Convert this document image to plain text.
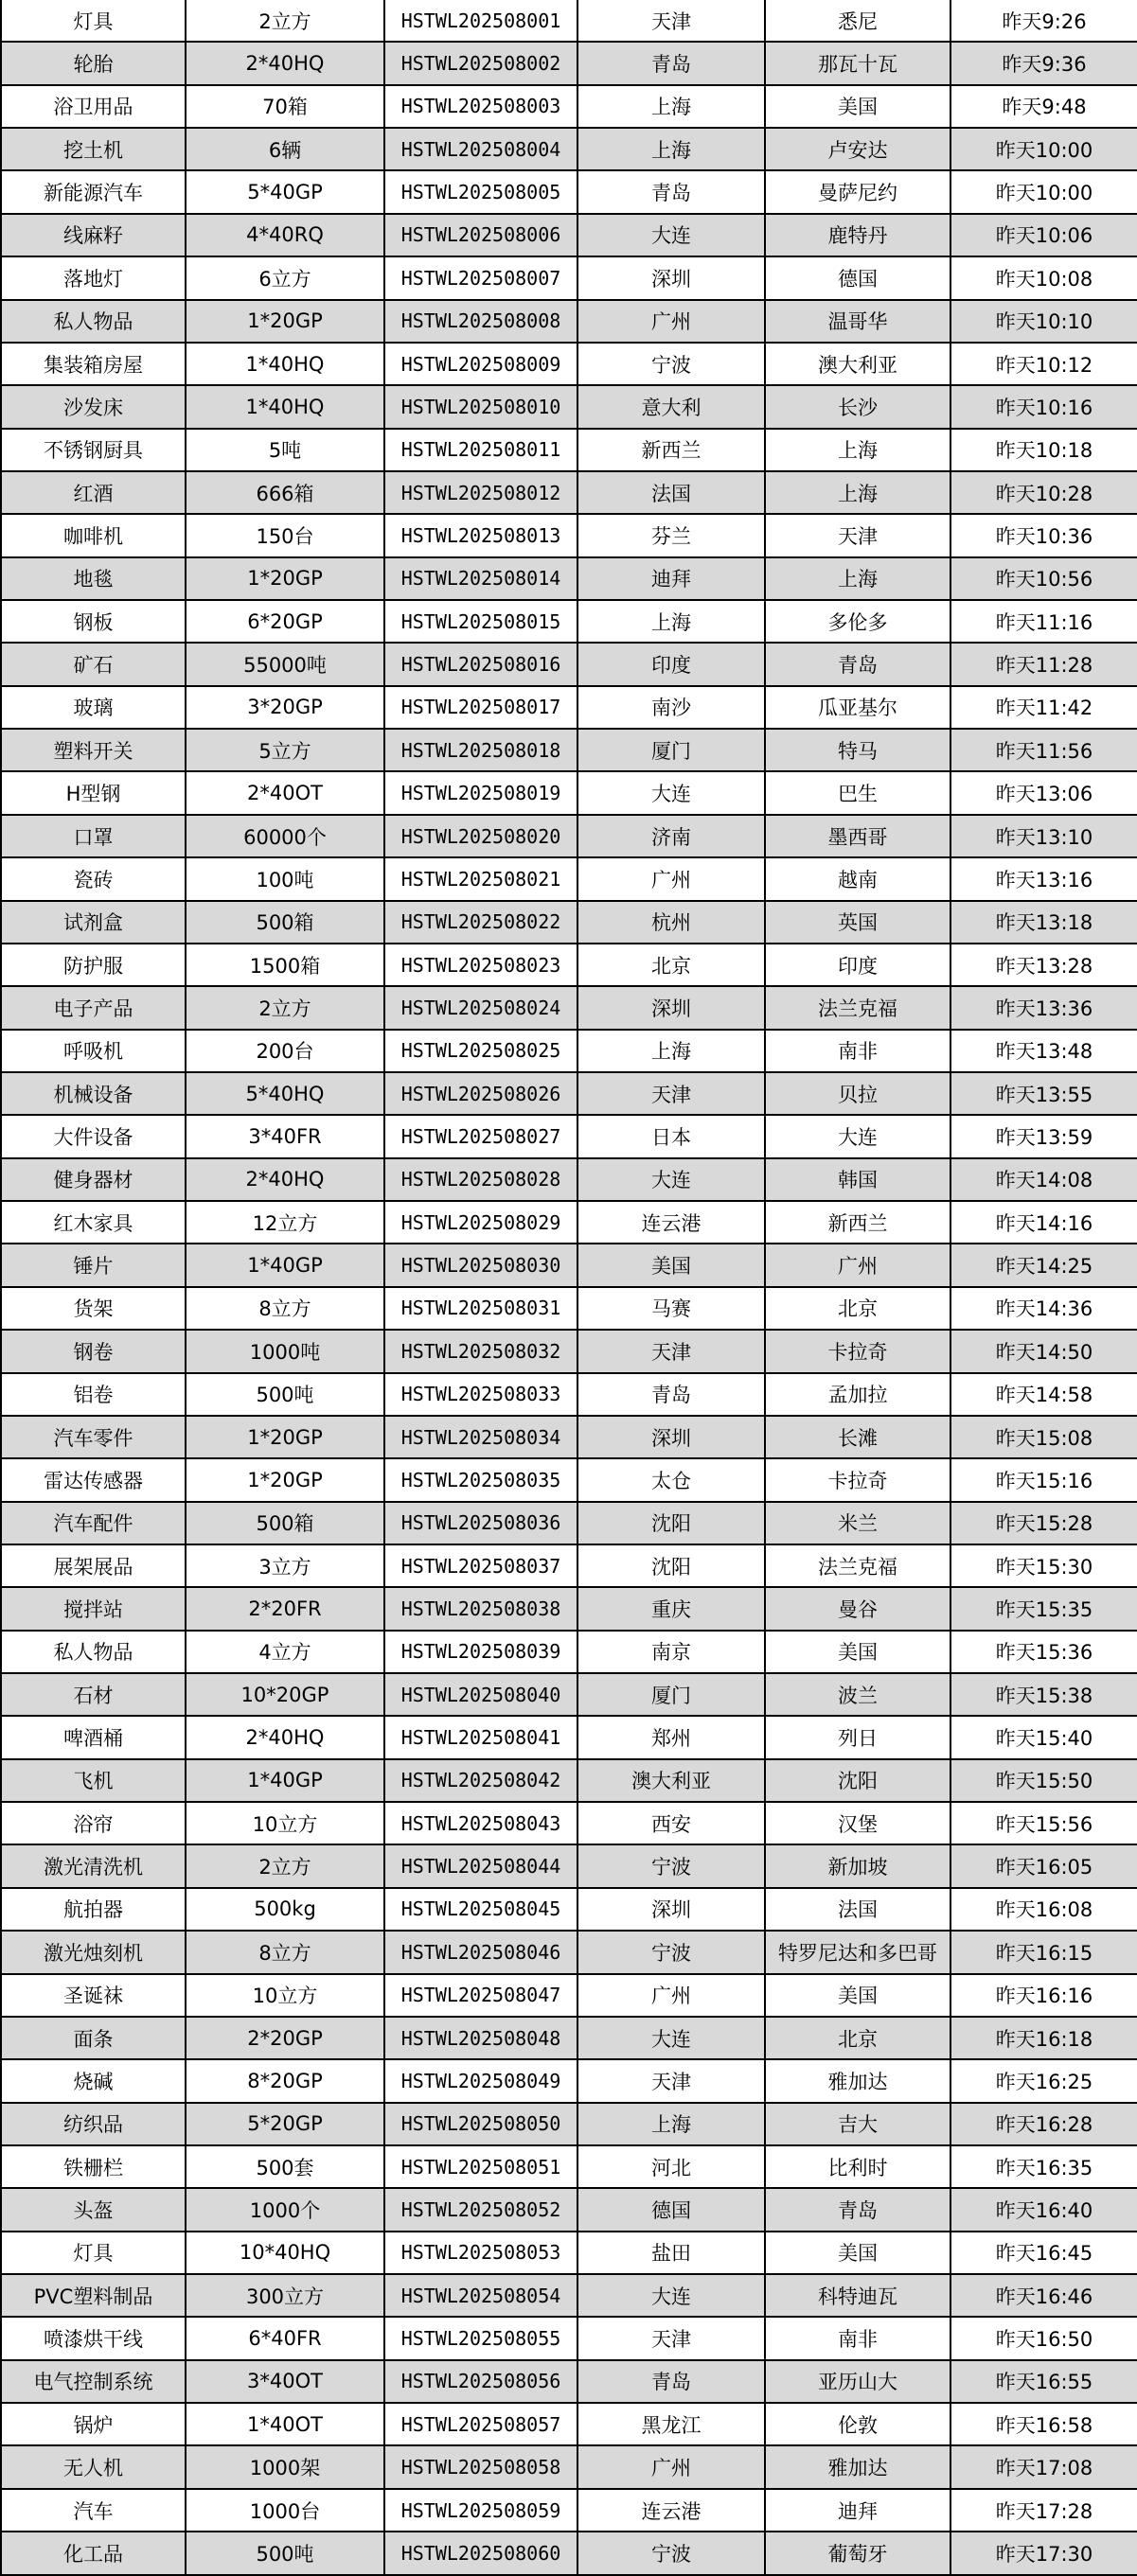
灯具	2立方	HSTWL202508001	天津	悉尼	昨天9:26
轮胎	2*40HQ	HSTWL202508002	青岛	那瓦十瓦	昨天9:36
浴卫用品	70箱	HSTWL202508003	上海	美国	昨天9:48
挖土机	6辆	HSTWL202508004	上海	卢安达	昨天10:00
新能源汽车	5*40GP	HSTWL202508005	青岛	曼萨尼约	昨天10:00
线麻籽	4*40RQ	HSTWL202508006	大连	鹿特丹	昨天10:06
落地灯	6立方	HSTWL202508007	深圳	德国	昨天10:08
私人物品	1*20GP	HSTWL202508008	广州	温哥华	昨天10:10
集装箱房屋	1*40HQ	HSTWL202508009	宁波	澳大利亚	昨天10:12
沙发床	1*40HQ	HSTWL202508010	意大利	长沙	昨天10:16
不锈钢厨具	5吨	HSTWL202508011	新西兰	上海	昨天10:18
红酒	666箱	HSTWL202508012	法国	上海	昨天10:28
咖啡机	150台	HSTWL202508013	芬兰	天津	昨天10:36
地毯	1*20GP	HSTWL202508014	迪拜	上海	昨天10:56
钢板	6*20GP	HSTWL202508015	上海	多伦多	昨天11:16
矿石	55000吨	HSTWL202508016	印度	青岛	昨天11:28
玻璃	3*20GP	HSTWL202508017	南沙	瓜亚基尔	昨天11:42
塑料开关	5立方	HSTWL202508018	厦门	特马	昨天11:56
H型钢	2*40OT	HSTWL202508019	大连	巴生	昨天13:06
口罩	60000个	HSTWL202508020	济南	墨西哥	昨天13:10
瓷砖	100吨	HSTWL202508021	广州	越南	昨天13:16
试剂盒	500箱	HSTWL202508022	杭州	英国	昨天13:18
防护服	1500箱	HSTWL202508023	北京	印度	昨天13:28
电子产品	2立方	HSTWL202508024	深圳	法兰克福	昨天13:36
呼吸机	200台	HSTWL202508025	上海	南非	昨天13:48
机械设备	5*40HQ	HSTWL202508026	天津	贝拉	昨天13:55
大件设备	3*40FR	HSTWL202508027	日本	大连	昨天13:59
健身器材	2*40HQ	HSTWL202508028	大连	韩国	昨天14:08
红木家具	12立方	HSTWL202508029	连云港	新西兰	昨天14:16
锤片	1*40GP	HSTWL202508030	美国	广州	昨天14:25
货架	8立方	HSTWL202508031	马赛	北京	昨天14:36
钢卷	1000吨	HSTWL202508032	天津	卡拉奇	昨天14:50
铝卷	500吨	HSTWL202508033	青岛	孟加拉	昨天14:58
汽车零件	1*20GP	HSTWL202508034	深圳	长滩	昨天15:08
雷达传感器	1*20GP	HSTWL202508035	太仓	卡拉奇	昨天15:16
汽车配件	500箱	HSTWL202508036	沈阳	米兰	昨天15:28
展架展品	3立方	HSTWL202508037	沈阳	法兰克福	昨天15:30
搅拌站	2*20FR	HSTWL202508038	重庆	曼谷	昨天15:35
私人物品	4立方	HSTWL202508039	南京	美国	昨天15:36
石材	10*20GP	HSTWL202508040	厦门	波兰	昨天15:38
啤酒桶	2*40HQ	HSTWL202508041	郑州	列日	昨天15:40
飞机	1*40GP	HSTWL202508042	澳大利亚	沈阳	昨天15:50
浴帘	10立方	HSTWL202508043	西安	汉堡	昨天15:56
激光清洗机	2立方	HSTWL202508044	宁波	新加坡	昨天16:05
航拍器	500kg	HSTWL202508045	深圳	法国	昨天16:08
激光烛刻机	8立方	HSTWL202508046	宁波	特罗尼达和多巴哥	昨天16:15
圣诞袜	10立方	HSTWL202508047	广州	美国	昨天16:16
面条	2*20GP	HSTWL202508048	大连	北京	昨天16:18
烧碱	8*20GP	HSTWL202508049	天津	雅加达	昨天16:25
纺织品	5*20GP	HSTWL202508050	上海	吉大	昨天16:28
铁栅栏	500套	HSTWL202508051	河北	比利时	昨天16:35
头盔	1000个	HSTWL202508052	德国	青岛	昨天16:40
灯具	10*40HQ	HSTWL202508053	盐田	美国	昨天16:45
PVC塑料制品	300立方	HSTWL202508054	大连	科特迪瓦	昨天16:46
喷漆烘干线	6*40FR	HSTWL202508055	天津	南非	昨天16:50
电气控制系统	3*40OT	HSTWL202508056	青岛	亚历山大	昨天16:55
锅炉	1*40OT	HSTWL202508057	黑龙江	伦敦	昨天16:58
无人机	1000架	HSTWL202508058	广州	雅加达	昨天17:08
汽车	1000台	HSTWL202508059	连云港	迪拜	昨天17:28
化工品	500吨	HSTWL202508060	宁波	葡萄牙	昨天17:30
